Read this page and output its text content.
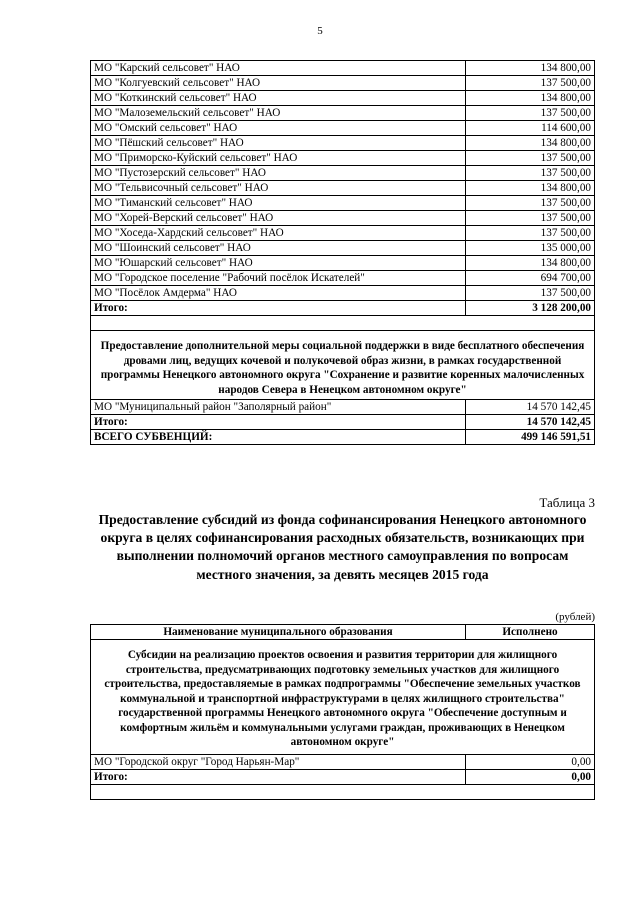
5
МО "Карский сельсовет" НАО	134 800,00
МО "Колгуевский сельсовет" НАО	137 500,00
МО "Коткинский сельсовет" НАО	134 800,00
МО "Малоземельский сельсовет" НАО	137 500,00
МО "Омский сельсовет" НАО	114 600,00
МО "Пёшский сельсовет" НАО	134 800,00
МО "Приморско-Куйский сельсовет" НАО	137 500,00
МО "Пустозерский сельсовет" НАО	137 500,00
МО "Тельвисочный сельсовет" НАО	134 800,00
МО "Тиманский сельсовет" НАО	137 500,00
МО "Хорей-Верский сельсовет" НАО	137 500,00
МО "Хоседа-Хардский сельсовет" НАО	137 500,00
МО "Шоинский сельсовет" НАО	135 000,00
МО "Юшарский сельсовет" НАО	134 800,00
МО "Городское поселение "Рабочий посёлок Искателей"	694 700,00
МО "Посёлок Амдерма" НАО	137 500,00
Итого:	3 128 200,00

Предоставление дополнительной меры социальной поддержки в виде бесплатного обеспечения дровами лиц, ведущих кочевой и полукочевой образ жизни, в рамках государственной программы Ненецкого автономного округа "Сохранение и развитие коренных малочисленных народов Севера в Ненецком автономном округе"	
МО "Муниципальный район "Заполярный район"	14 570 142,45
Итого:	14 570 142,45
ВСЕГО СУБВЕНЦИЙ:	499 146 591,51
Таблица 3
Предоставление субсидий из фонда софинансирования Ненецкого автономного округа в целях софинансирования расходных обязательств, возникающих при выполнении полномочий органов местного самоуправления по вопросам местного значения, за девять месяцев 2015 года
(рублей)
Наименование муниципального образования	Исполнено
Субсидии на реализацию проектов освоения и развития территории для жилищного строительства, предусматривающих подготовку земельных участков для жилищного строительства, предоставляемые в рамках подпрограммы "Обеспечение земельных участков коммунальной и транспортной инфраструктурами в целях жилищного строительства" государственной программы Ненецкого автономного округа "Обеспечение доступным и комфортным жильём и коммунальными услугами граждан, проживающих в Ненецком автономном округе"	
МО "Городской округ "Город Нарьян-Мар"	0,00
Итого:	0,00
